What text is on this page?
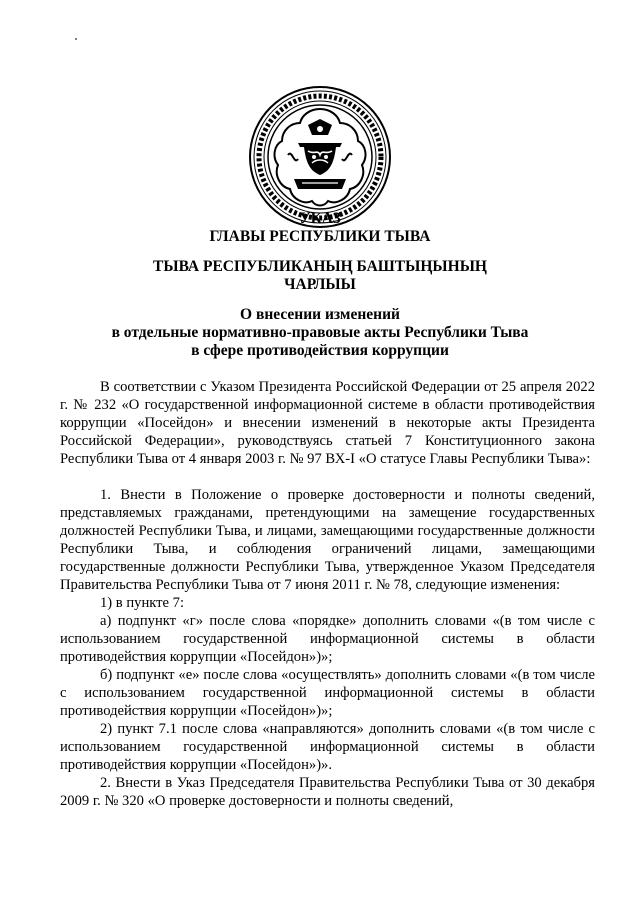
УКАЗ
ГЛАВЫ РЕСПУБЛИКИ ТЫВА
ТЫВА РЕСПУБЛИКАНЫҢ БАШТЫҢЫНЫҢ
ЧАРЛЫЫ
О внесении изменений
в отдельные нормативно-правовые акты Республики Тыва
в сфере противодействия коррупции

В соответствии с Указом Президента Российской Федерации от 25 апреля 2022 г. № 232 «О государственной информационной системе в области противодействия коррупции «Посейдон» и внесении изменений в некоторые акты Президента Российской Федерации», руководствуясь статьей 7 Конституционного закона Республики Тыва от 4 января 2003 г. № 97 ВХ-I «О статусе Главы Республики Тыва»:

1. Внести в Положение о проверке достоверности и полноты сведений, представляемых гражданами, претендующими на замещение государственных должностей Республики Тыва, и лицами, замещающими государственные должности Республики Тыва, и соблюдения ограничений лицами, замещающими государственные должности Республики Тыва, утвержденное Указом Председателя Правительства Республики Тыва от 7 июня 2011 г. № 78, следующие изменения:

1) в пункте 7:

а) подпункт «г» после слова «порядке» дополнить словами «(в том числе с использованием государственной информационной системы в области противодействия коррупции «Посейдон»)»;

б) подпункт «е» после слова «осуществлять» дополнить словами «(в том числе с использованием государственной информационной системы в области противодействия коррупции «Посейдон»)»;

2) пункт 7.1 после слова «направляются» дополнить словами «(в том числе с использованием государственной информационной системы в области противодействия коррупции «Посейдон»)».

2. Внести в Указ Председателя Правительства Республики Тыва от 30 декабря 2009 г. № 320 «О проверке достоверности и полноты сведений,
